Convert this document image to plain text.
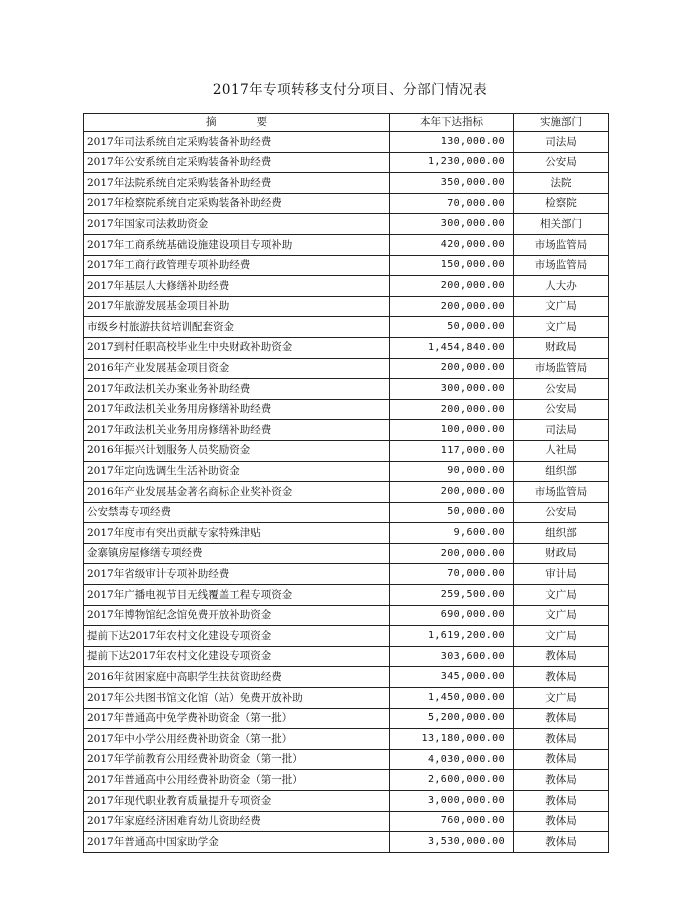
2017年专项转移支付分项目、分部门情况表
摘 要	本年下达指标	实施部门
2017年司法系统自定采购装备补助经费	130,000.00	司法局
2017年公安系统自定采购装备补助经费	1,230,000.00	公安局
2017年法院系统自定采购装备补助经费	350,000.00	法院
2017年检察院系统自定采购装备补助经费	70,000.00	检察院
2017年国家司法救助资金	300,000.00	相关部门
2017年工商系统基础设施建设项目专项补助	420,000.00	市场监管局
2017年工商行政管理专项补助经费	150,000.00	市场监管局
2017年基层人大修缮补助经费	200,000.00	人大办
2017年旅游发展基金项目补助	200,000.00	文广局
市级乡村旅游扶贫培训配套资金	50,000.00	文广局
2017到村任职高校毕业生中央财政补助资金	1,454,840.00	财政局
2016年产业发展基金项目资金	200,000.00	市场监管局
2017年政法机关办案业务补助经费	300,000.00	公安局
2017年政法机关业务用房修缮补助经费	200,000.00	公安局
2017年政法机关业务用房修缮补助经费	100,000.00	司法局
2016年振兴计划服务人员奖励资金	117,000.00	人社局
2017年定向选调生生活补助资金	90,000.00	组织部
2016年产业发展基金著名商标企业奖补资金	200,000.00	市场监管局
公安禁毒专项经费	50,000.00	公安局
2017年度市有突出贡献专家特殊津贴	9,600.00	组织部
金寨镇房屋修缮专项经费	200,000.00	财政局
2017年省级审计专项补助经费	70,000.00	审计局
2017年广播电视节目无线覆盖工程专项资金	259,500.00	文广局
2017年博物馆纪念馆免费开放补助资金	690,000.00	文广局
提前下达2017年农村文化建设专项资金	1,619,200.00	文广局
提前下达2017年农村文化建设专项资金	303,600.00	教体局
2016年贫困家庭中高职学生扶贫资助经费	345,000.00	教体局
2017年公共图书馆文化馆（站）免费开放补助	1,450,000.00	文广局
2017年普通高中免学费补助资金（第一批）	5,200,000.00	教体局
2017年中小学公用经费补助资金（第一批）	13,180,000.00	教体局
2017年学前教育公用经费补助资金（第一批）	4,030,000.00	教体局
2017年普通高中公用经费补助资金（第一批）	2,600,000.00	教体局
2017年现代职业教育质量提升专项资金	3,000,000.00	教体局
2017年家庭经济困难育幼儿资助经费	760,000.00	教体局
2017年普通高中国家助学金	3,530,000.00	教体局
